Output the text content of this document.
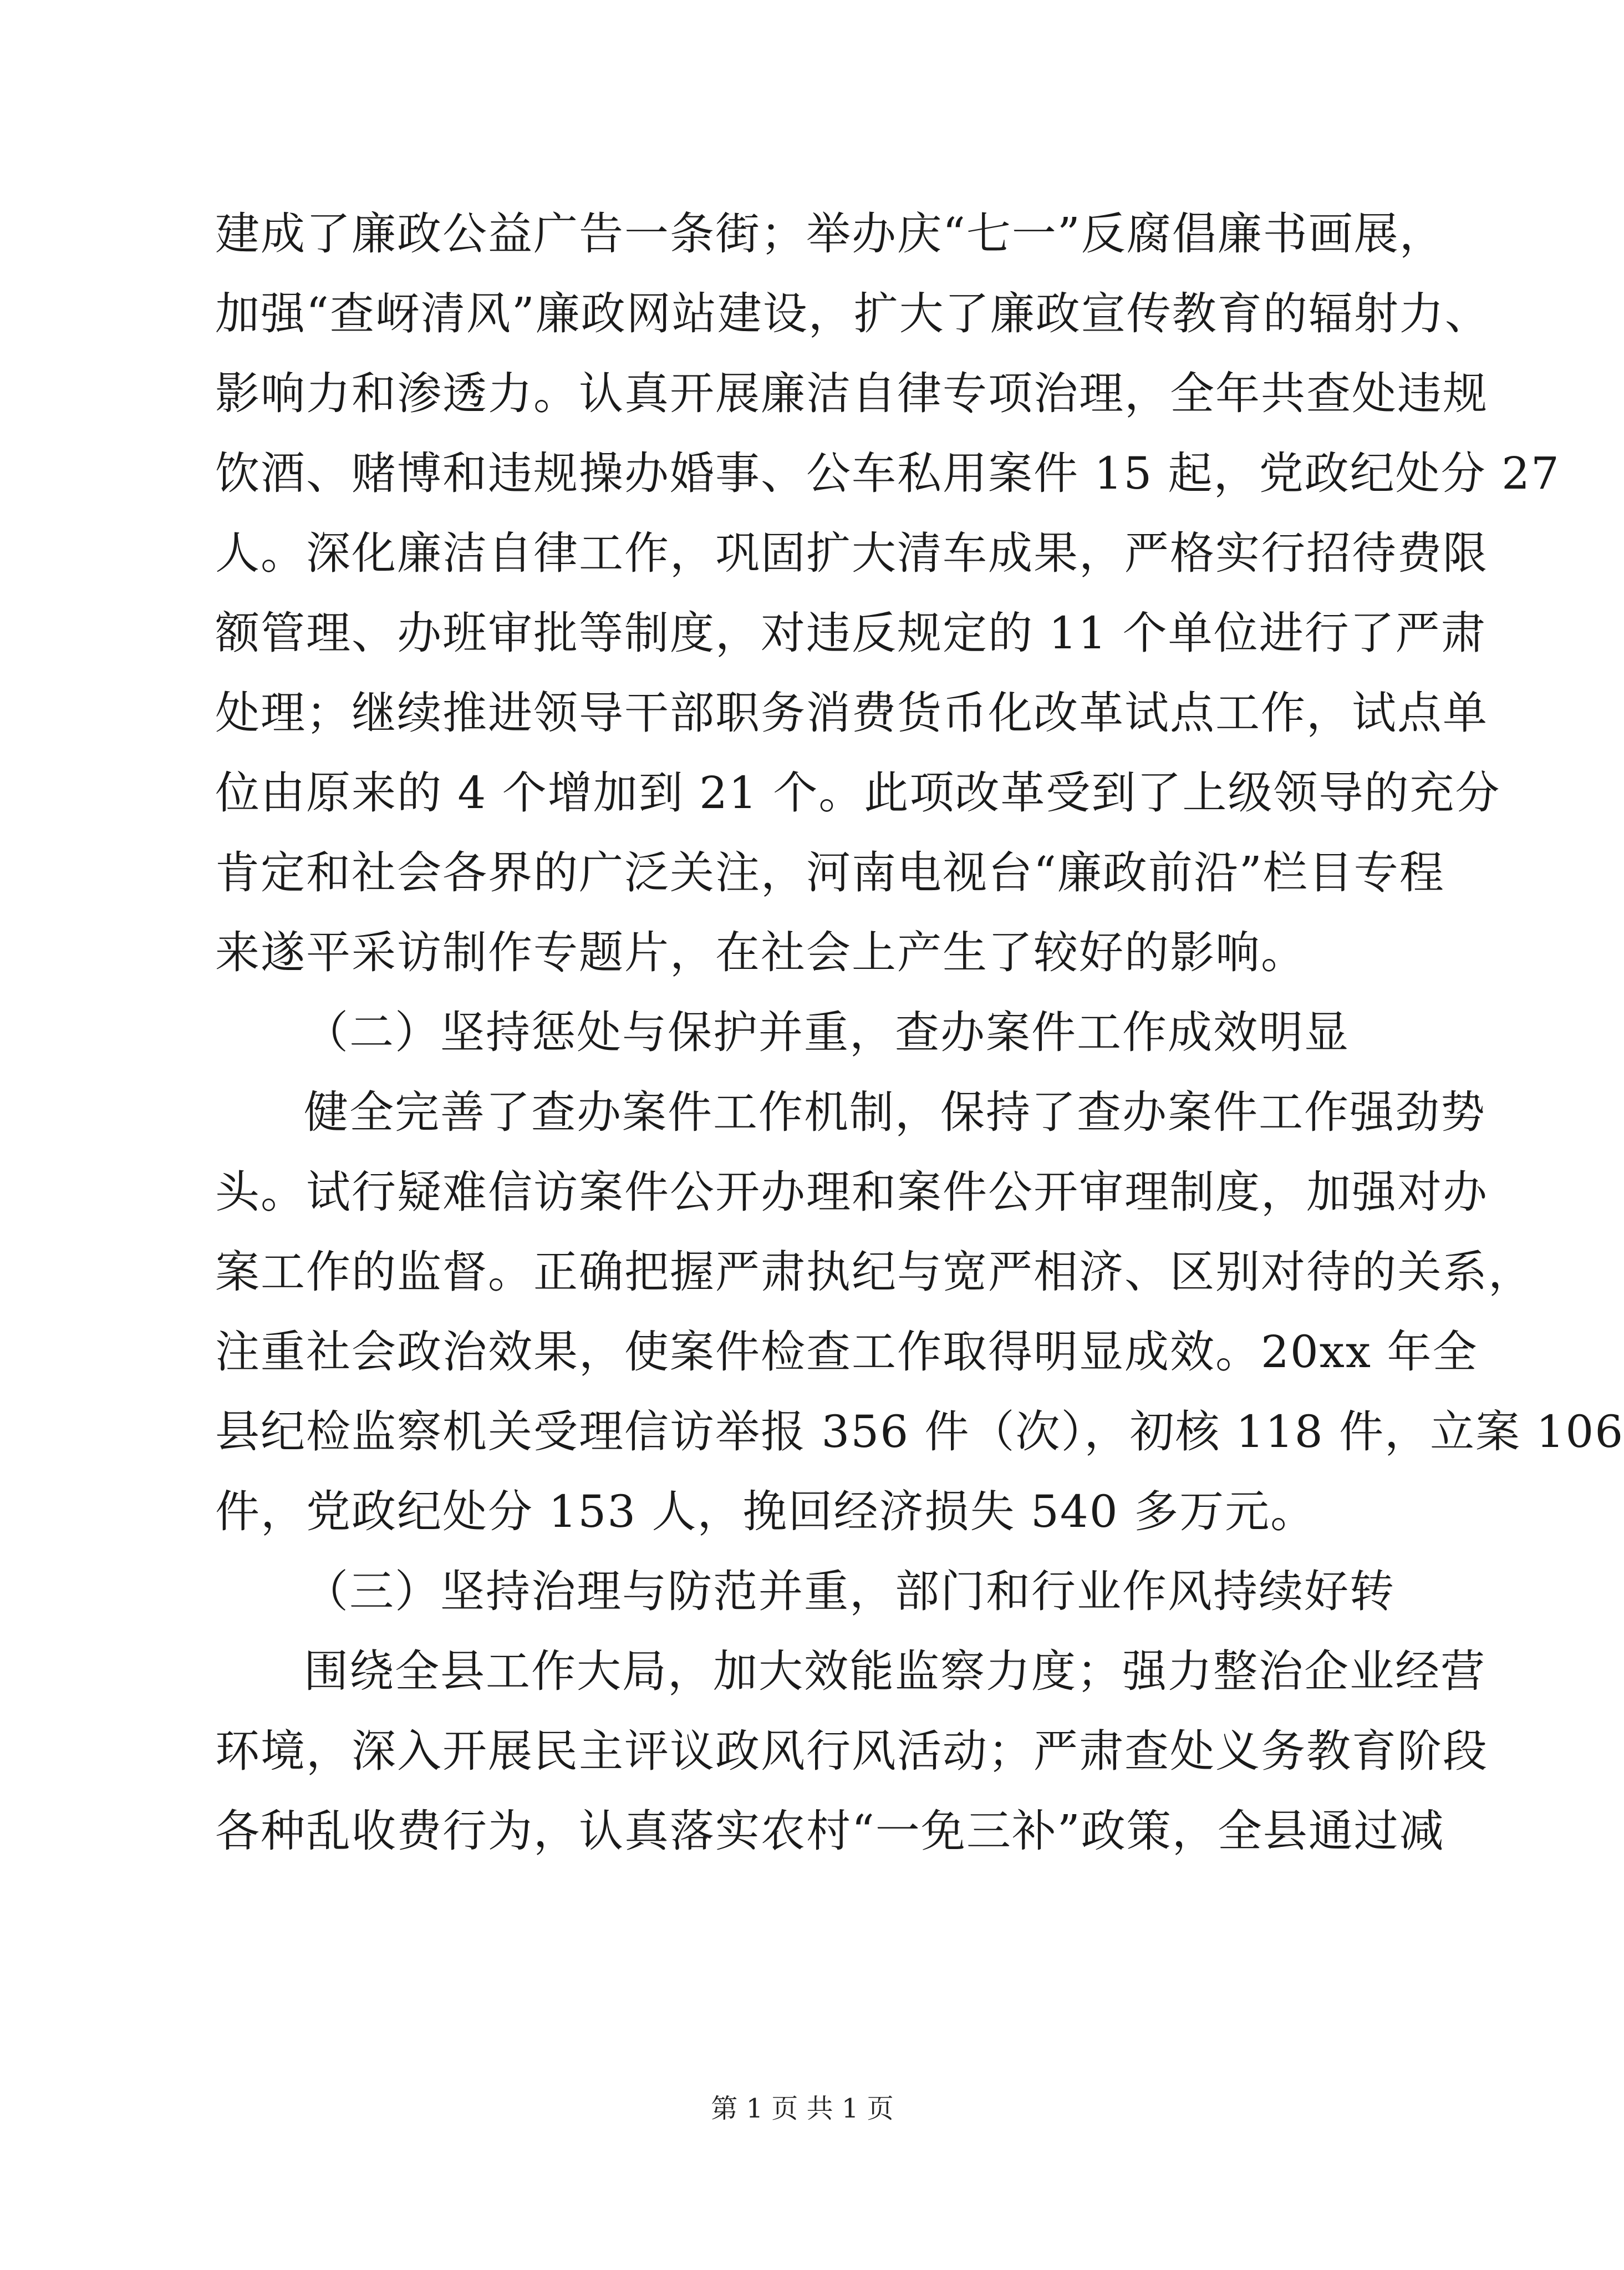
建成了廉政公益广告一条街；举办庆“七一”反腐倡廉书画展，
加强“查岈清风”廉政网站建设，扩大了廉政宣传教育的辐射力、
影响力和渗透力。认真开展廉洁自律专项治理，全年共查处违规
饮酒、赌博和违规操办婚事、公车私用案件 15 起，党政纪处分 27
人。深化廉洁自律工作，巩固扩大清车成果，严格实行招待费限
额管理、办班审批等制度，对违反规定的 11 个单位进行了严肃
处理；继续推进领导干部职务消费货币化改革试点工作，试点单
位由原来的 4 个增加到 21 个。此项改革受到了上级领导的充分
肯定和社会各界的广泛关注，河南电视台“廉政前沿”栏目专程
来遂平采访制作专题片，在社会上产生了较好的影响。
（二）坚持惩处与保护并重，查办案件工作成效明显
健全完善了查办案件工作机制，保持了查办案件工作强劲势
头。试行疑难信访案件公开办理和案件公开审理制度，加强对办
案工作的监督。正确把握严肃执纪与宽严相济、区别对待的关系，
注重社会政治效果，使案件检查工作取得明显成效。20xx 年全
县纪检监察机关受理信访举报 356 件（次），初核 118 件，立案 106
件，党政纪处分 153 人，挽回经济损失 540 多万元。
（三）坚持治理与防范并重，部门和行业作风持续好转
围绕全县工作大局，加大效能监察力度；强力整治企业经营
环境，深入开展民主评议政风行风活动；严肃查处义务教育阶段
各种乱收费行为，认真落实农村“一免三补”政策，全县通过减
第 1 页 共 1 页
